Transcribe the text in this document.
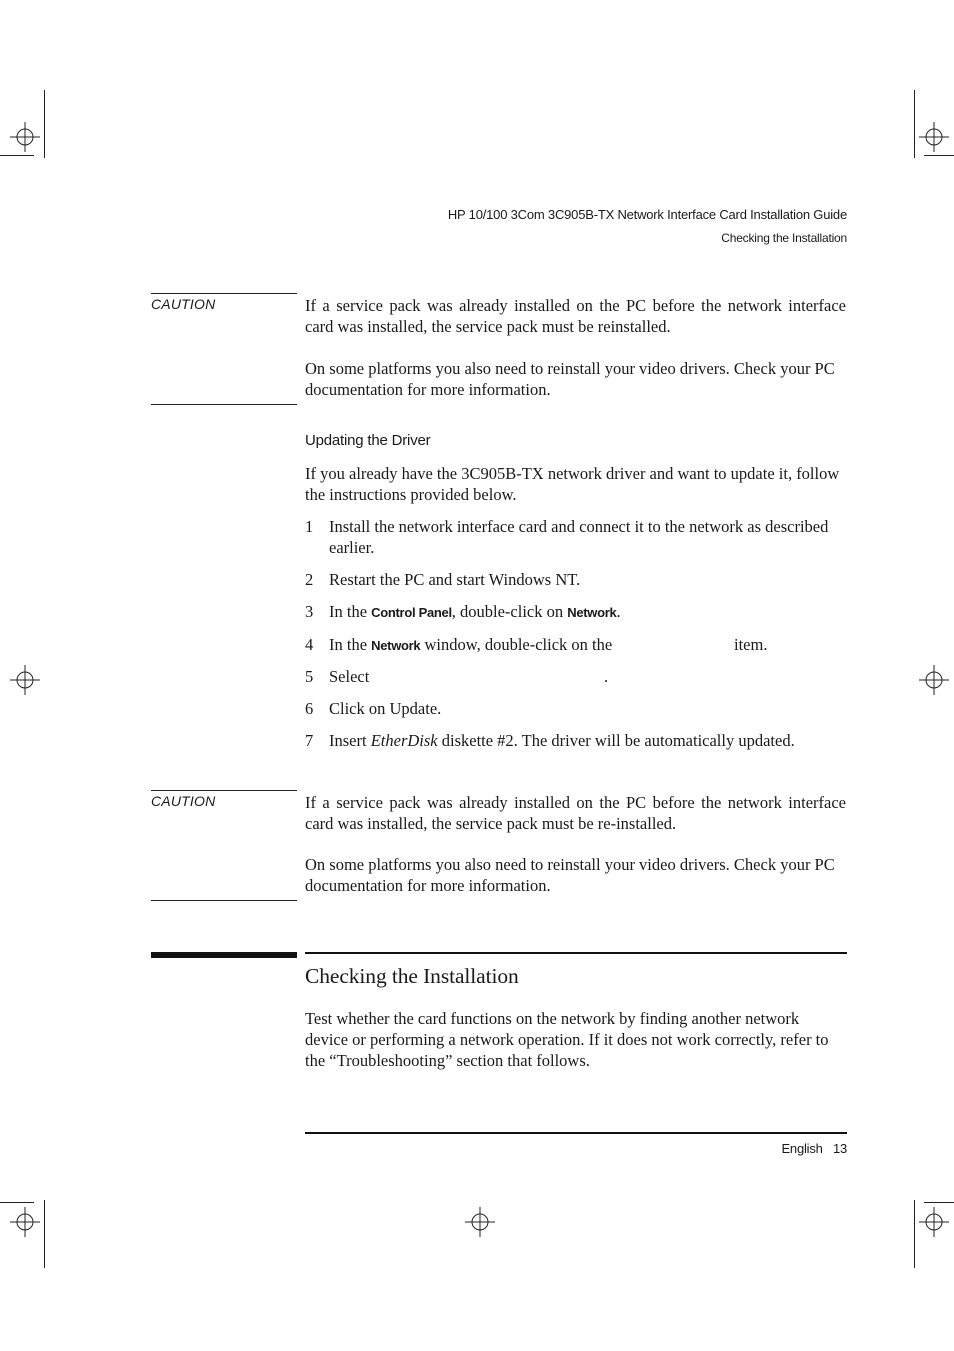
HP 10/100 3Com 3C905B-TX Network Interface Card Installation Guide
Checking the Installation
CAUTION	If a service pack was already installed on the PC before the network interface card was installed, the service pack must be reinstalled.
On some platforms you also need to reinstall your video drivers. Check your PC documentation for more information.
Updating the Driver
If you already have the 3C905B-TX network driver and want to update it, follow the instructions provided below.
1 Install the network interface card and connect it to the network as described earlier.
2 Restart the PC and start Windows NT.
3 In the Control Panel, double-click on Network.
4 In the Network window, double-click on the	item.
5 Select	.
6 Click on Update.
7 Insert EtherDisk diskette #2. The driver will be automatically updated.
CAUTION	If a service pack was already installed on the PC before the network interface card was installed, the service pack must be re-installed.
On some platforms you also need to reinstall your video drivers. Check your PC documentation for more information.
Checking the Installation
Test whether the card functions on the network by finding another network device or performing a network operation. If it does not work correctly, refer to the “Troubleshooting” section that follows.
English 13
